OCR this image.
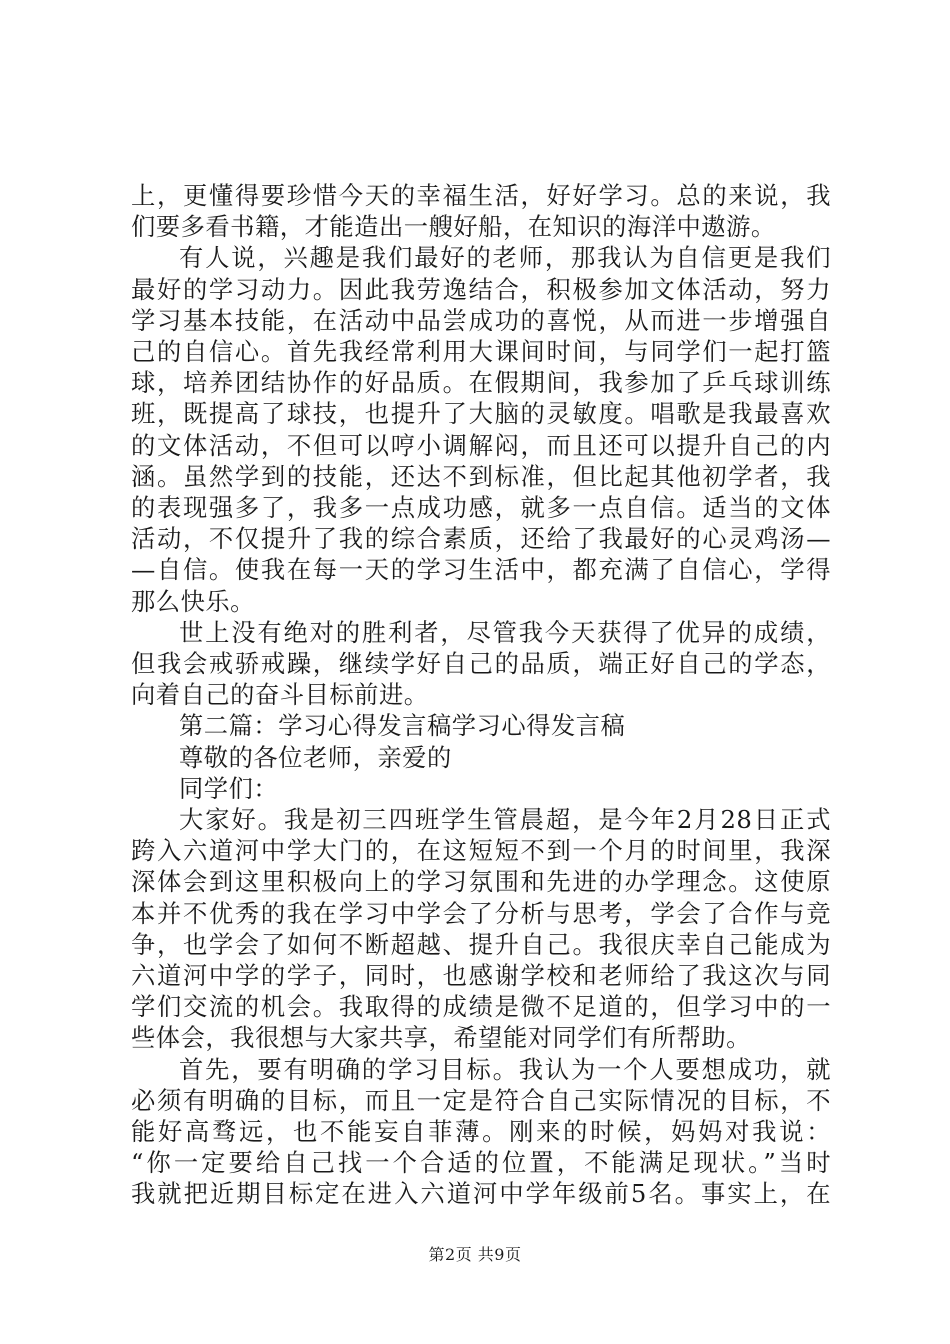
上，更懂得要珍惜今天的幸福生活，好好学习。总的来说，我
们要多看书籍，才能造出一艘好船，在知识的海洋中遨游。
有人说，兴趣是我们最好的老师，那我认为自信更是我们
最好的学习动力。因此我劳逸结合，积极参加文体活动，努力
学习基本技能，在活动中品尝成功的喜悦，从而进一步增强自
己的自信心。首先我经常利用大课间时间，与同学们一起打篮
球，培养团结协作的好品质。在假期间，我参加了乒乓球训练
班，既提高了球技，也提升了大脑的灵敏度。唱歌是我最喜欢
的文体活动，不但可以哼小调解闷，而且还可以提升自己的内
涵。虽然学到的技能，还达不到标准，但比起其他初学者，我
的表现强多了，我多一点成功感，就多一点自信。适当的文体
活动，不仅提升了我的综合素质，还给了我最好的心灵鸡汤—
—自信。使我在每一天的学习生活中，都充满了自信心，学得
那么快乐。
世上没有绝对的胜利者，尽管我今天获得了优异的成绩，
但我会戒骄戒躁，继续学好自己的品质，端正好自己的学态，
向着自己的奋斗目标前进。
第二篇：学习心得发言稿学习心得发言稿
尊敬的各位老师，亲爱的
同学们：
大家好。我是初三四班学生管晨超，是今年2月28日正式
跨入六道河中学大门的，在这短短不到一个月的时间里，我深
深体会到这里积极向上的学习氛围和先进的办学理念。这使原
本并不优秀的我在学习中学会了分析与思考，学会了合作与竞
争，也学会了如何不断超越、提升自己。我很庆幸自己能成为
六道河中学的学子，同时，也感谢学校和老师给了我这次与同
学们交流的机会。我取得的成绩是微不足道的，但学习中的一
些体会，我很想与大家共享，希望能对同学们有所帮助。
首先，要有明确的学习目标。我认为一个人要想成功，就
必须有明确的目标，而且一定是符合自己实际情况的目标，不
能好高骛远，也不能妄自菲薄。刚来的时候，妈妈对我说：
“你一定要给自己找一个合适的位置，不能满足现状。”当时
我就把近期目标定在进入六道河中学年级前5名。事实上，在
第2页 共9页
